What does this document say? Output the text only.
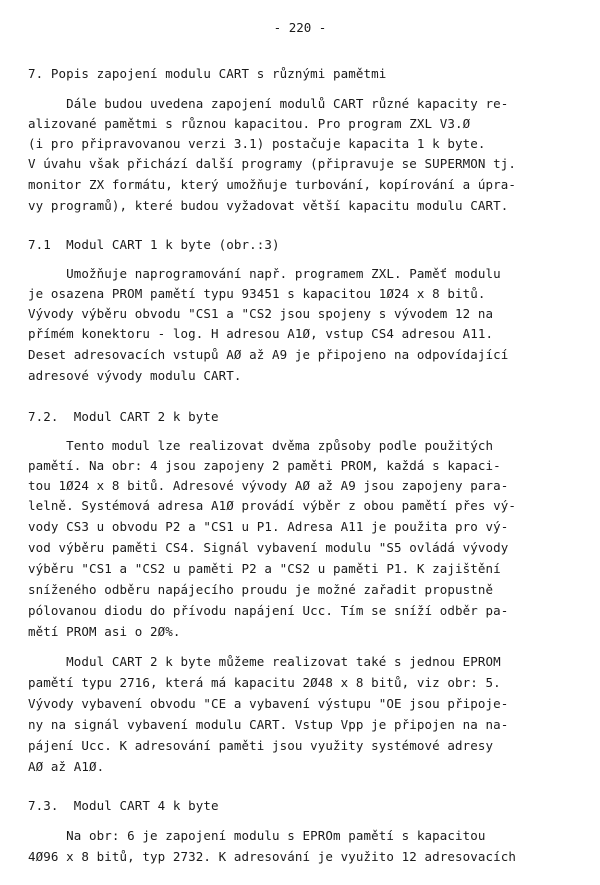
- 220 -
7. Popis zapojení modulu CART s různými pamětmi
Dále budou uvedena zapojení modulů CART různé kapacity re-
alizované pamětmi s různou kapacitou. Pro program ZXL V3.Ø
(i pro připravovanou verzi 3.1) postačuje kapacita 1 k byte.
V úvahu však přichází další programy (připravuje se SUPERMON tj.
monitor ZX formátu, který umožňuje turbování, kopírování a úpra-
vy programů), které budou vyžadovat větší kapacitu modulu CART.
7.1  Modul CART 1 k byte (obr.:3)
Umožňuje naprogramování např. programem ZXL. Paměť modulu
je osazena PROM pamětí typu 93451 s kapacitou 1Ø24 x 8 bitů.
Vývody výběru obvodu "CS1 a "CS2 jsou spojeny s vývodem 12 na
přímém konektoru - log. H adresou A1Ø, vstup CS4 adresou A11.
Deset adresovacích vstupů AØ až A9 je připojeno na odpovídající
adresové vývody modulu CART.
7.2.  Modul CART 2 k byte
Tento modul lze realizovat dvěma způsoby podle použitých
pamětí. Na obr: 4 jsou zapojeny 2 paměti PROM, každá s kapaci-
tou 1Ø24 x 8 bitů. Adresové vývody AØ až A9 jsou zapojeny para-
lelně. Systémová adresa A1Ø provádí výběr z obou pamětí přes vý-
vody CS3 u obvodu P2 a "CS1 u P1. Adresa A11 je použita pro vý-
vod výběru paměti CS4. Signál vybavení modulu "S5 ovládá vývody
výběru "CS1 a "CS2 u paměti P2 a "CS2 u paměti P1. K zajištění
sníženého odběru napájecího proudu je možné zařadit propustně
pólovanou diodu do přívodu napájení Ucc. Tím se sníží odběr pa-
mětí PROM asi o 2Ø%.
Modul CART 2 k byte můžeme realizovat také s jednou EPROM
pamětí typu 2716, která má kapacitu 2Ø48 x 8 bitů, viz obr: 5.
Vývody vybavení obvodu "CE a vybavení výstupu "OE jsou připoje-
ny na signál vybavení modulu CART. Vstup Vpp je připojen na na-
pájení Ucc. K adresování paměti jsou využity systémové adresy
AØ až A1Ø.
7.3.  Modul CART 4 k byte
Na obr: 6 je zapojení modulu s EPROm pamětí s kapacitou
4Ø96 x 8 bitů, typ 2732. K adresování je využito 12 adresovacích
